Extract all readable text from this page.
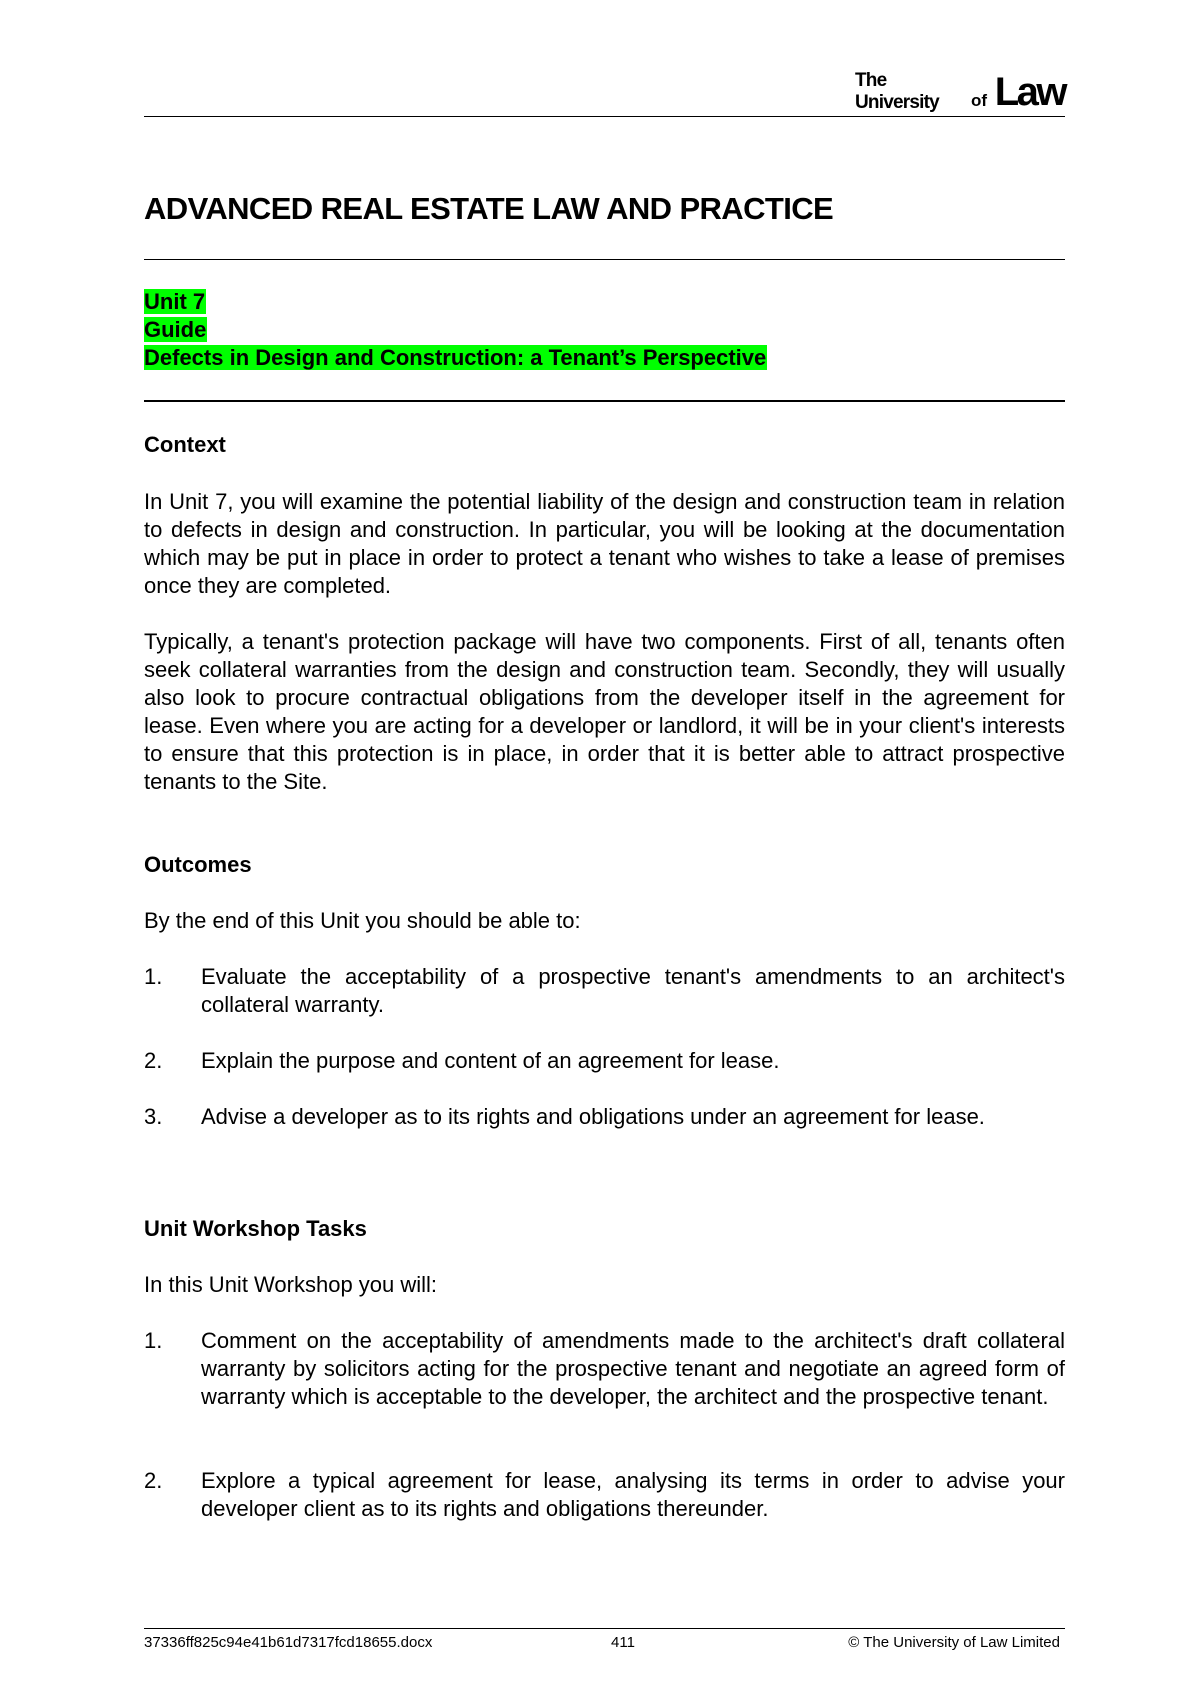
The University	of Law
ADVANCED REAL ESTATE LAW AND PRACTICE
Unit 7
Guide
Defects in Design and Construction: a Tenant’s Perspective
Context
In Unit 7, you will examine the potential liability of the design and construction team in relation to defects in design and construction. In particular, you will be looking at the documentation which may be put in place in order to protect a tenant who wishes to take a lease of premises once they are completed.
Typically, a tenant's protection package will have two components. First of all, tenants often seek collateral warranties from the design and construction team. Secondly, they will usually also look to procure contractual obligations from the developer itself in the agreement for lease. Even where you are acting for a developer or landlord, it will be in your client's interests to ensure that this protection is in place, in order that it is better able to attract prospective tenants to the Site.
Outcomes
By the end of this Unit you should be able to:
1. Evaluate the acceptability of a prospective tenant's amendments to an architect's collateral warranty.
2. Explain the purpose and content of an agreement for lease.
3. Advise a developer as to its rights and obligations under an agreement for lease.
Unit Workshop Tasks
In this Unit Workshop you will:
1. Comment on the acceptability of amendments made to the architect's draft collateral warranty by solicitors acting for the prospective tenant and negotiate an agreed form of warranty which is acceptable to the developer, the architect and the prospective tenant.
2. Explore a typical agreement for lease, analysing its terms in order to advise your developer client as to its rights and obligations thereunder.
37336ff825c94e41b61d7317fcd18655.docx	411	© The University of Law Limited
